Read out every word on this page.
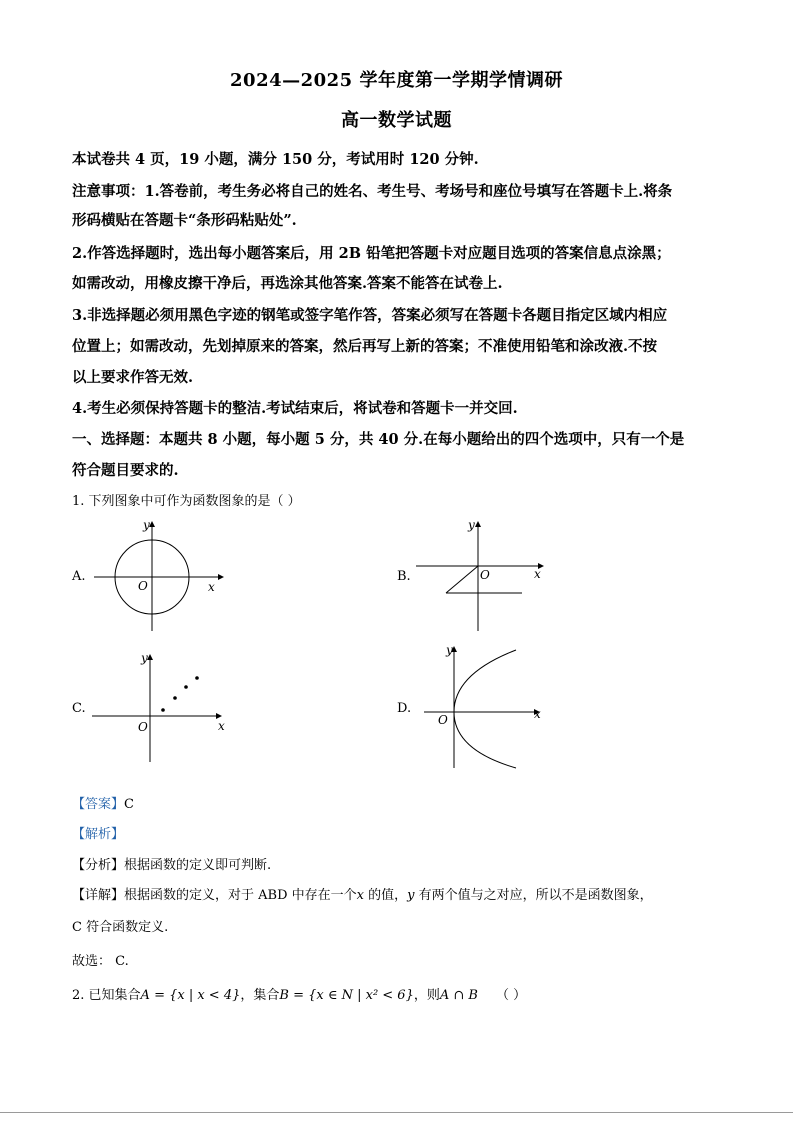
2024—2025 学年度第一学期学情调研
高一数学试题
本试卷共 4 页，19 小题，满分 150 分，考试用时 120 分钟.
注意事项：1.答卷前，考生务必将自己的姓名、考生号、考场号和座位号填写在答题卡上.将条
形码横贴在答题卡“条形码粘贴处”.
2.作答选择题时，选出每小题答案后，用 2B 铅笔把答题卡对应题目选项的答案信息点涂黑；
如需改动，用橡皮擦干净后，再选涂其他答案.答案不能答在试卷上.
3.非选择题必须用黑色字迹的钢笔或签字笔作答，答案必须写在答题卡各题目指定区域内相应
位置上；如需改动，先划掉原来的答案，然后再写上新的答案；不准使用铅笔和涂改液.不按
以上要求作答无效.
4.考生必须保持答题卡的整洁.考试结束后，将试卷和答题卡一并交回.
一、选择题：本题共 8 小题，每小题 5 分，共 40 分.在每小题给出的四个选项中，只有一个是
符合题目要求的.
1. 下列图象中可作为函数图象的是（ ）
A.
y
x
O
B.
y
x
O
C.
y
x
O
D.
y
x
O
【答案】C
【解析】
【分析】根据函数的定义即可判断.
【详解】根据函数的定义，对于 ABD 中存在一个x 的值，y 有两个值与之对应，所以不是函数图象，
C 符合函数定义.
故选： C.
2. 已知集合A = {x | x < 4}，集合B = {x ∈ N | x² < 6}，则A ∩ B （ ）
